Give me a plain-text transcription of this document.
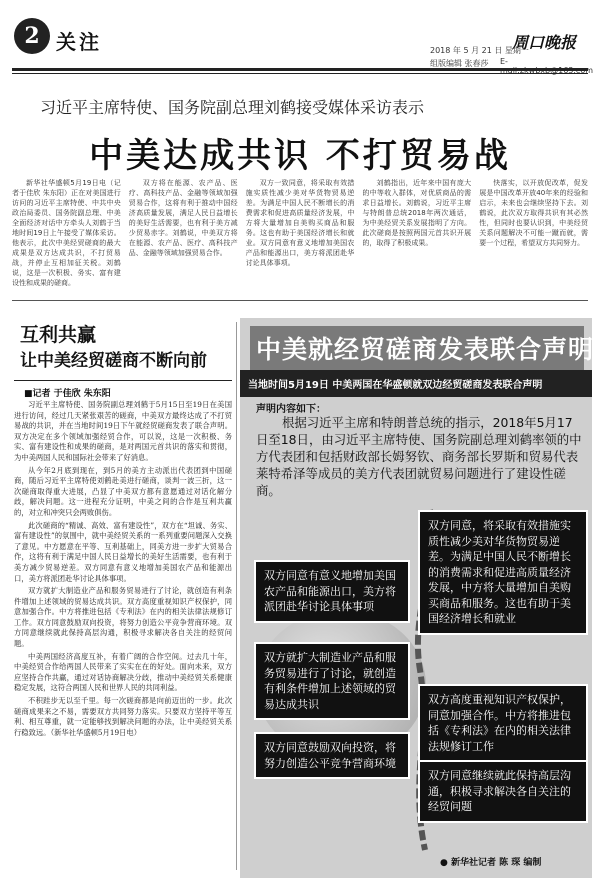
2 关注	2018 年 5 月 21 日 星期一
组版编辑 张春莎	E-mail:zkwbxb@163.com
周口晚报
习近平主席特使、国务院副总理刘鹤接受媒体采访表示
中美达成共识 不打贸易战

新华社华盛顿5月19日电（记者于佳欣 朱东阳）正在对美国进行访问的习近平主席特使、中共中央政治局委员、国务院副总理、中美全面经济对话中方牵头人刘鹤于当地时间19日上午接受了媒体采访。他表示，此次中美经贸磋商的最大成果是双方达成共识，不打贸易战，并停止互相加征关税。刘鹤说，这是一次积极、务实、富有建设性和成果的磋商。

双方将在能源、农产品、医疗、高科技产品、金融等领域加强贸易合作，这将有利于推动中国经济高质量发展，满足人民日益增长的美好生活需要，也有利于美方减少贸易赤字。刘鹤说，中美双方将在能源、农产品、医疗、高科技产品、金融等领域加强贸易合作。

双方一致同意，将采取有效措施实质性减少美对华货物贸易逆差。为满足中国人民不断增长的消费需求和促进高质量经济发展，中方将大量增加自美购买商品和服务。这也有助于美国经济增长和就业。双方同意有意义地增加美国农产品和能源出口，美方将派团赴华讨论具体事项。

刘鹤指出，近年来中国有庞大的中等收入群体，对优质商品的需求日益增长。刘鹤说，习近平主席与特朗普总统2018年两次通话，为中美经贸关系发展指明了方向。此次磋商是按照两国元首共识开展的，取得了积极成果。

快落实，以开放促改革，促发展是中国改革开放40年来的经验和启示，未来也会继续坚持下去。刘鹤说，此次双方取得共识有其必然性，但同时也要认识到，中美经贸关系问题解决不可能一蹴而就，需要一个过程，希望双方共同努力。

互利共赢
让中美经贸磋商不断向前
■记者 于佳欣 朱东阳

习近平主席特使、国务院副总理刘鹤于5月15日至19日在美国进行访问，经过几天紧张艰苦的磋商，中美双方最终达成了不打贸易战的共识，并在当地时间19日下午就经贸磋商发表了联合声明。双方决定在多个领域加强经贸合作，可以说，这是一次积极、务实、富有建设性和成果的磋商，是对两国元首共识的落实和贯彻，为中美两国人民和国际社会带来了好消息。

从今年2月底到现在，到5月的美方主动派出代表团到中国磋商，随后习近平主席特使刘鹤赴美进行磋商，谈判一波三折，这一次磋商取得重大进展，凸显了中美双方都有意愿通过对话化解分歧，解决问题。这一进程充分证明，中美之间的合作是互利共赢的，对立和冲突只会两败俱伤。

此次磋商的“精诚、高效、富有建设性”，双方在“坦诚、务实、富有建设性”的氛围中，就中美经贸关系的一系列重要问题深入交换了意见。中方愿意在平等、互利基础上，同美方进一步扩大贸易合作，这将有利于满足中国人民日益增长的美好生活需要，也有利于美方减少贸易逆差。双方同意有意义地增加美国农产品和能源出口，美方将派团赴华讨论具体事项。

双方就扩大制造业产品和服务贸易进行了讨论，就创造有利条件增加上述领域的贸易达成共识。双方高度重视知识产权保护，同意加强合作。中方将推进包括《专利法》在内的相关法律法规修订工作。双方同意鼓励双向投资，将努力创造公平竞争营商环境。双方同意继续就此保持高层沟通，积极寻求解决各自关注的经贸问题。

中美两国经济高度互补，有着广阔的合作空间。过去几十年，中美经贸合作给两国人民带来了实实在在的好处。面向未来，双方应坚持合作共赢，通过对话协商解决分歧，推动中美经贸关系健康稳定发展，这符合两国人民和世界人民的共同利益。

不积跬步无以至千里。每一次磋商都是向前迈出的一步。此次磋商成果来之不易，需要双方共同努力落实。只要双方坚持平等互利、相互尊重，就一定能够找到解决问题的办法，让中美经贸关系行稳致远。（新华社华盛顿5月19日电）

中美就经贸磋商发表联合声明
当地时间5月19日 中美两国在华盛顿就双边经贸磋商发表联合声明
声明内容如下：
根据习近平主席和特朗普总统的指示，2018年5月17日至18日，由习近平主席特使、国务院副总理刘鹤率领的中方代表团和包括财政部长姆努钦、商务部长罗斯和贸易代表莱特希泽等成员的美方代表团就贸易问题进行了建设性磋商。
双方同意，将采取有效措施实质性减少美对华货物贸易逆差。为满足中国人民不断增长的消费需求和促进高质量经济发展，中方将大量增加自美购买商品和服务。这也有助于美国经济增长和就业
双方同意有意义地增加美国农产品和能源出口，美方将派团赴华讨论具体事项
双方就扩大制造业产品和服务贸易进行了讨论，就创造有利条件增加上述领域的贸易达成共识	双方高度重视知识产权保护，同意加强合作。中方将推进包括《专利法》在内的相关法律法规修订工作
双方同意鼓励双向投资，将努力创造公平竞争营商环境
双方同意继续就此保持高层沟通，积极寻求解决各自关注的经贸问题
● 新华社记者 陈 琛 编制
